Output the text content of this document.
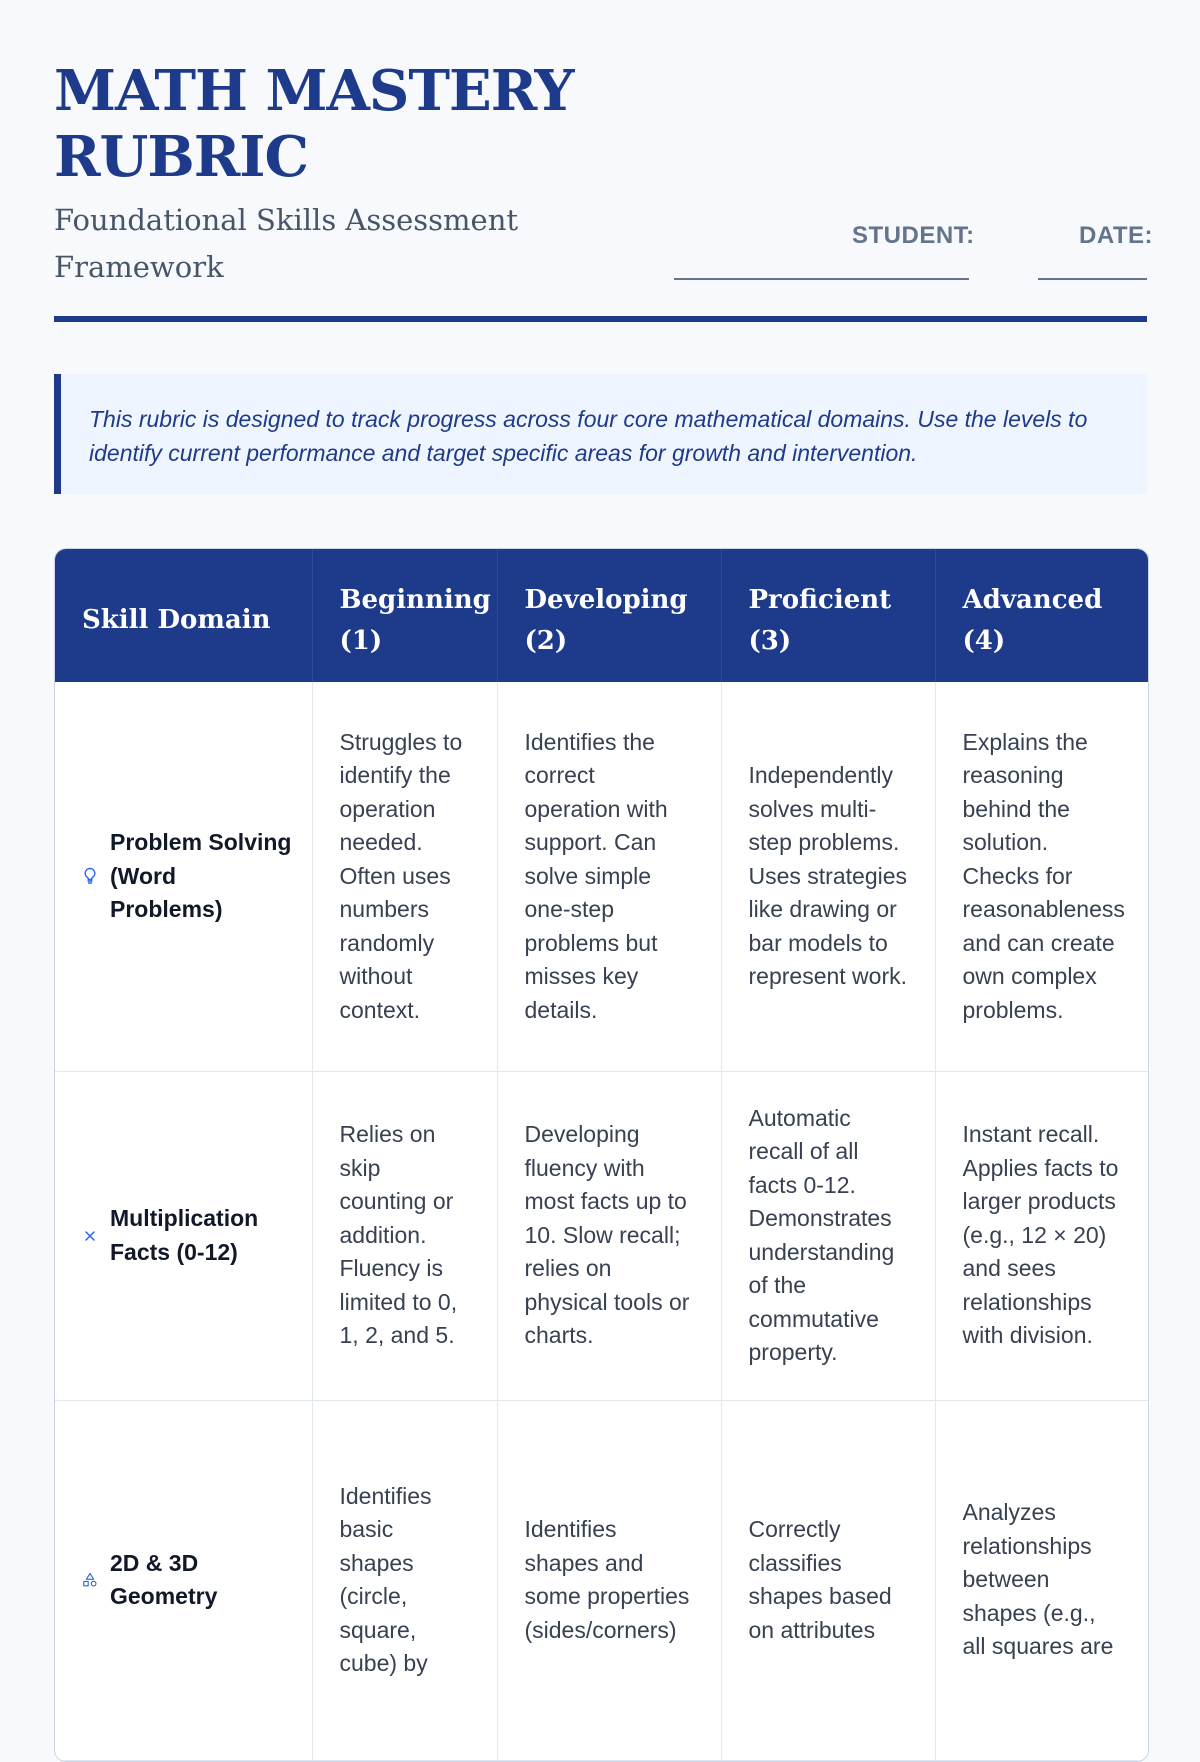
MATH MASTERY RUBRIC

Foundational Skills Assessment Framework

STUDENT:	DATE:
This rubric is designed to track progress across four core mathematical domains. Use the levels to identify current performance and target specific areas for growth and intervention.
Skill Domain	Beginning (1)	Developing (2)	Proficient (3)	Advanced (4)

Problem Solving (Word Problems)	Struggles to identify the operation needed. Often uses numbers randomly without context.	Identifies the correct operation with support. Can solve simple one-step problems but misses key details.	Independently solves multi-step problems. Uses strategies like drawing or bar models to represent work.	Explains the reasoning behind the solution. Checks for reasonableness and can create own complex problems.

Multiplication Facts (0-12)	Relies on skip counting or addition. Fluency is limited to 0, 1, 2, and 5.	Developing fluency with most facts up to 10. Slow recall; relies on physical tools or charts.	Automatic recall of all facts 0-12. Demonstrates understanding of the commutative property.	Instant recall. Applies facts to larger products (e.g., 12 × 20) and sees relationships with division.

2D & 3D Geometry	Identifies basic shapes (circle, square, cube) by	Identifies shapes and some properties (sides/corners)	Correctly classifies shapes based on attributes	Analyzes relationships between shapes (e.g., all squares are
